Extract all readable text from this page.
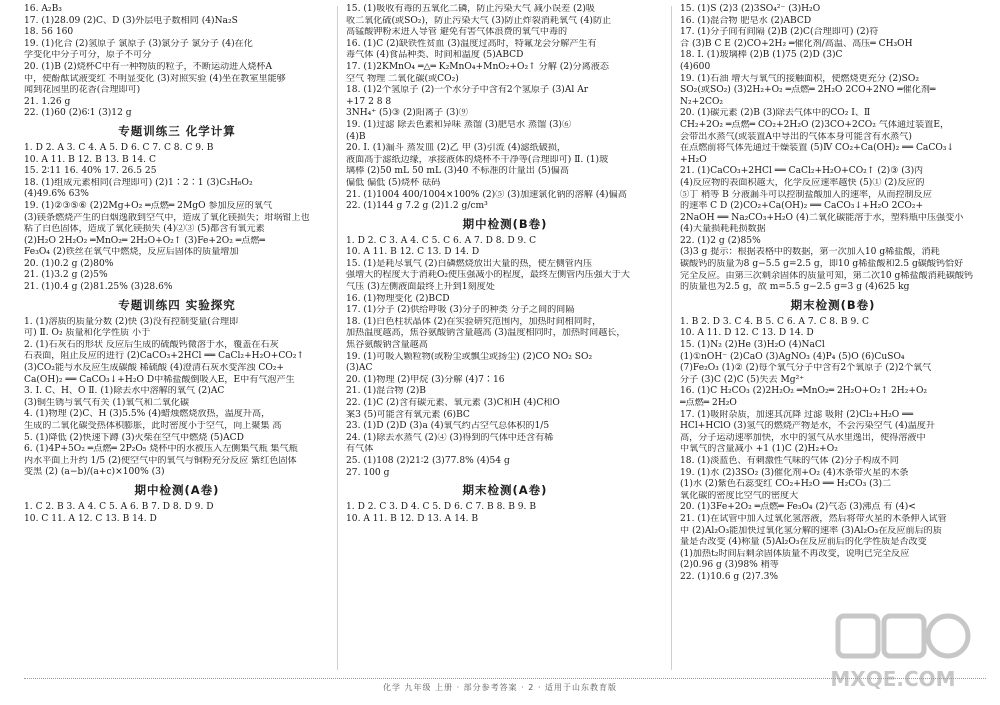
16. A₂B₃
17. (1)28.09 (2)C、D (3)外层电子数相同 (4)Na₂S
18. 56 160
19. (1)化合 (2)氢原子 氯原子 (3)氯分子 氯分子 (4)在化
学变化中分子可分，原子不可分
20. (1)B (2)烧杯C中有一种物质的粒子，不断运动进入烧杯A
中，使酚酞试液变红 不明显变化 (3)对照实验 (4)坐在教室里能够
闻到花园里的花香(合理即可)
21. 1.26 g
22. (1)60 (2)6∶1 (3)12 g
专题训练三 化学计算
1. D 2. A 3. C 4. A 5. D 6. C 7. C 8. C 9. B
10. A 11. B 12. B 13. B 14. C
15. 2∶11 16. 40% 17. 26.5 25
18. (1)组成元素相同(合理即可) (2)1∶2∶1 (3)C₃H₆O₂
(4)49.6% 63%
19. (1)②③⑤⑥ (2)2Mg+O₂ ═点燃═ 2MgO 参加反应的氧气
(3)镁条燃烧产生的白烟逸散到空气中，造成了氧化镁损失；坩埚钳上也
粘了白色固体，造成了氧化镁损失 (4)②③ (5)都含有氧元素
(2)H₂O 2H₂O₂ ═MnO₂═ 2H₂O+O₂↑ (3)Fe+2O₂ ═点燃═
Fe₃O₄ (2)铁丝在氧气中燃烧，反应后固体的质量增加
20. (1)0.2 g (2)80%
21. (1)3.2 g (2)5%
21. (1)0.4 g (2)81.25% (3)28.6%
专题训练四 实验探究
1. (1)溶质的质量分数 (2)快 (3)没有控制变量(合理即
可) Ⅱ. O₂ 质量和化学性质 小于
2. (1)石灰石的形状 反应后生成的硫酸钙微溶于水，覆盖在石灰
石表面，阻止反应的进行 (2)CaCO₃+2HCl ══ CaCl₂+H₂O+CO₂↑
(3)CO₂能与水反应生成碳酸 稀硫酸 (4)澄清石灰水变浑浊 CO₂+
Ca(OH)₂ ══ CaCO₃↓+H₂O D中稀盐酸倒吸入E，E中有气泡产生
3. Ⅰ. C、H、O Ⅱ. (1)除去水中溶解的氧气 (2)AC
(3)铜生锈与氧气有关 (1)氧气和二氧化碳
4. (1)物理 (2)C、H (3)5.5% (4)蜡烛燃烧放热，温度升高，
生成的二氧化碳受热体积膨胀，此时密度小于空气，向上聚集 高
5. (1)降低 (2)快速下蹲 (3)火柴在空气中燃烧 (5)ACD
6. (1)4P+5O₂ ═点燃═ 2P₂O₅ 烧杯中的水被压入左侧集气瓶 集气瓶
内水平面上升约 1/5 (2)使空气中的氧气与铜粉充分反应 紫红色固体
变黑 (2) (a−b)/(a+c)×100% (3)
期中检测(A卷)
1. C 2. B 3. A 4. C 5. A 6. B 7. D 8. D 9. D
10. C 11. A 12. C 13. B 14. D
15. (1)吸收有毒的五氧化二磷，防止污染大气 减小误差 (2)吸
收二氧化硫(或SO₂)，防止污染大气 (3)防止炸裂消耗氧气 (4)防止
高锰酸钾粉末进入导管 避免有害气体浪费的氧气中毒的
16. (1)C (2)缺铁性贫血 (3)温度过高时，特氟龙会分解产生有
毒气体 (4)食品种类、时间和温度 (5)ABCD
17. (1)2KMnO₄ ═△═ K₂MnO₄+MnO₂+O₂↑ 分解 (2)分离液态
空气 物理 二氧化碳(或CO₂)
18. (1)2个氢原子 (2)一个水分子中含有2个氢原子 (3)Al Ar
+17 2 8 8
3NH₄⁺ (5)③ (2)阳离子 (3)⑨
19. (1)过滤 除去色素和异味 蒸馏 (3)肥皂水 蒸馏 (3)⑥
(4)B
20. Ⅰ. (1)漏斗 蒸发皿 (2)乙 甲 (3)引流 (4)滤纸破损，
液面高于滤纸边缘，承接液体的烧杯不干净等(合理即可) Ⅱ. (1)玻
璃棒 (2)50 mL 50 mL (3)40 不标准的计量出 (5)偏高
偏低 偏低 (5)烧杯 砝码
21. (1)1004 400/1004×100% (2)⑤ (3)加速氯化钠的溶解 (4)偏高
22. (1)144 g 7.2 g (2)1.2 g/cm³
期中检测(B卷)
1. D 2. C 3. A 4. C 5. C 6. A 7. D 8. D 9. C
10. A 11. B 12. C 13. D 14. D
15. (1)是耗尽氧气 (2)白磷燃烧放出大量的热，使左侧管内压
强增大的程度大于消耗O₂使压强减小的程度，最终左侧管内压强大于大
气压 (3)左侧液面最终上升到1刻度处
16. (1)物理变化 (2)BCD
17. (1)分子 (2)供给呼吸 (3)分子的种类 分子之间的间隔
18. (1)白色柱状晶体 (2)在实验研究范围内，加热时间相同时，
加热温度越高，焦谷氨酸钠含量越高 (3)温度相同时，加热时间越长，
焦谷氨酸钠含量越高
19. (1)可吸入颗粒物(或粉尘或飘尘或扬尘) (2)CO NO₂ SO₂
(3)AC
20. (1)物理 (2)甲烷 (3)分解 (4)7∶16
21. (1)混合物 (2)B
22. (1)C (2)含有碳元素、氧元素 (3)C和H (4)C和O
案3 (5)可能含有氧元素 (6)BC
23. (1)D (2)D (3)a (4)氧气约占空气总体积的1/5
24. (1)除去水蒸气 (2)④ (3)得到的气体中还含有稀
有气体
25. (1)108 (2)21∶2 (3)77.8% (4)54 g
27. 100 g
期末检测(A卷)
1. D 2. C 3. D 4. C 5. D 6. C 7. B 8. B 9. B
10. A 11. B 12. D 13. A 14. B
15. (1)S (2)3 (2)3SO₄²⁻ (3)H₂O
16. (1)混合物 肥皂水 (2)ABCD
17. (1)分子间有间隔 (2)B (2)C(合理即可) (2)符
合 (3)B C E (2)CO+2H₂ ═催化剂/高温、高压═ CH₃OH
18. Ⅰ. (1)玻璃棒 (2)B (1)75 (2)D (3)C
(4)600
19. (1)石油 增大与氧气的接触面积，使燃烧更充分 (2)SO₂
SO₂(或SO₂) (3)2H₂+O₂ ═点燃═ 2H₂O 2CO+2NO ═催化剂═
N₂+2CO₂
20. (1)碳元素 (2)B (3)除去气体中的CO₂ Ⅰ、Ⅱ
CH₂+2O₂ ═点燃═ CO₂+2H₂O (2)3CO+2CO₂ 气体通过装置E，
会带出水蒸气(或装置A中导出的气体本身可能含有水蒸气)
在点燃前将气体先通过干燥装置 (5)Ⅳ CO₂+Ca(OH)₂ ══ CaCO₃↓
+H₂O
21. (1)CaCO₃+2HCl ══ CaCl₂+H₂O+CO₂↑ (2)③ (3)丙
(4)反应物的表面积越大，化学反应速率越快 (5)① (2)反应的
⑤丁 稍等 B 分液漏斗可以控制盐酸加入的速率，从而控制反应
的速率 C D (2)CO₂+Ca(OH)₂ ══ CaCO₃↓+H₂O 2CO₂+
2NaOH ══ Na₂CO₃+H₂O (4)二氧化碳能溶于水，塑料瓶中压强变小
(4)大量损耗耗损数据
22. (1)2 g (2)85%
(3)3 g 提示：根据表格中的数据，第一次加入10 g稀盐酸，消耗
碳酸钙的质量为8 g−5.5 g=2.5 g，即10 g稀盐酸和2.5 g碳酸钙恰好
完全反应。由第三次剩余固体的质量可知，第二次10 g稀盐酸消耗碳酸钙
的质量也为2.5 g，故 m=5.5 g−2.5 g=3 g (4)625 kg
期末检测(B卷)
1. B 2. D 3. C 4. B 5. C 6. A 7. C 8. B 9. C
10. A 11. D 12. C 13. D 14. D
15. (1)N₂ (2)He (3)H₂O (4)NaCl
(1)①nOH⁻ (2)CaO (3)AgNO₃ (4)P₄ (5)O (6)CuSO₄
(7)Fe₂O₃ (1)② (2)每个氧气分子中含有2个氧原子 (2)2个氧气
分子 (3)C (2)C (5)失去 Mg²⁺
16. (1)C H₂CO₃ (2)2H₂O₂ ═MnO₂═ 2H₂O+O₂↑ 2H₂+O₂
═点燃═ 2H₂O
17. (1)吸附杂质，加速其沉降 过滤 吸附 (2)Cl₂+H₂O ══
HCl+HClO (3)氢气的燃烧产物是水，不会污染空气 (4)温度升
高，分子运动速率加快，水中的氢气从水里逸出，使得溶液中
中氧气的含量减小 +1 (1)C (2)H₂+O₂
18. (1)淡蓝色、有刺激性气味的气体 (2)分子构成不同
19. (1)水 (2)3SO₂ (3)催化剂+O₂ (4)木条带火星的木条
(1)水 (2)紫色石蕊变红 CO₂+H₂O ══ H₂CO₃ (3)二
氧化碳的密度比空气的密度大
20. (1)3Fe+2O₂ ═点燃═ Fe₃O₄ (2)气态 (3)沸点 有 (4)<
21. (1)在试管中加入过氧化氢溶液，然后将带火星的木条伸入试管
中 (2)Al₂O₃能加快过氧化氢分解的速率 (3)Al₂O₃在反应前后的质
量是否改变 (4)称量 (5)Al₂O₃在反应前后的化学性质是否改变
(1)加热t₂时间后剩余固体质量不再改变，说明已完全反应
(2)0.96 g (3)98% 稍等
22. (1)10.6 g (2)7.3%
化学 九年级 上册 · 部分参考答案 · 2 · 适用于山东教育版	MXQE.COM
